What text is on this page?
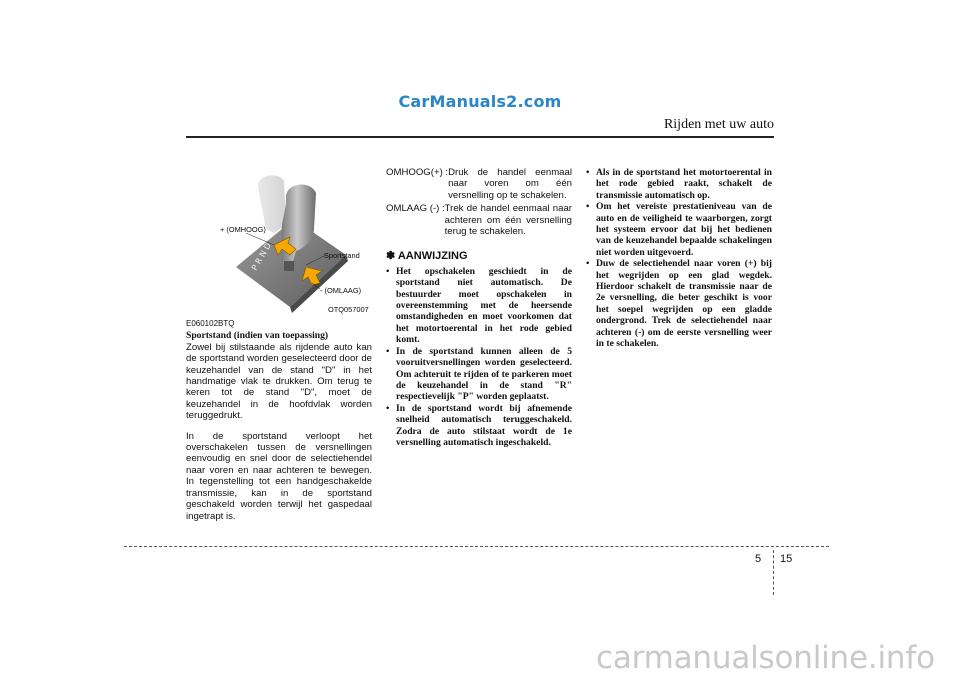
CarManuals2.com
Rijden met uw auto
P R N D
+ (OMHOOG)
Sportstand
- (OMLAAG)
OTQ057007
E060102BTQ
Sportstand (indien van toepassing)

Zowel bij stilstaande als rijdende auto kan de sportstand worden geselecteerd door de keuzehandel van de stand "D" in het handmatige vlak te drukken. Om terug te keren tot de stand "D", moet de keuzehandel in de hoofdvlak worden teruggedrukt.

In de sportstand verloopt het overschakelen tussen de versnellingen eenvoudig en snel door de selectiehendel naar voren en naar achteren te bewegen. In tegenstelling tot een handgeschakelde transmissie, kan in de sportstand geschakeld worden terwijl het gaspedaal ingetrapt is.

OMHOOG(+) : Druk de handel eenmaal naar voren om één versnelling op te schakelen.
OMLAAG (-) : Trek de handel eenmaal naar achteren om één versnelling terug te schakelen.
✽ AANWIJZING
• Het opschakelen geschiedt in de sportstand niet automatisch. De bestuurder moet opschakelen in overeenstemming met de heersende omstandigheden en moet voorkomen dat het motortoerental in het rode gebied komt.
• In de sportstand kunnen alleen de 5 vooruitversnellingen worden geselecteerd. Om achteruit te rijden of te parkeren moet de keuzehandel in de stand "R" respectievelijk "P" worden geplaatst.
• In de sportstand wordt bij afnemende snelheid automatisch teruggeschakeld. Zodra de auto stilstaat wordt de 1e versnelling automatisch ingeschakeld.
• Als in de sportstand het motortoerental in het rode gebied raakt, schakelt de transmissie automatisch op.
• Om het vereiste prestatieniveau van de auto en de veiligheid te waarborgen, zorgt het systeem ervoor dat bij het bedienen van de keuzehandel bepaalde schakelingen niet worden uitgevoerd.
• Duw de selectiehendel naar voren (+) bij het wegrijden op een glad wegdek. Hierdoor schakelt de transmissie naar de 2e versnelling, die beter geschikt is voor het soepel wegrijden op een gladde ondergrond. Trek de selectiehendel naar achteren (-) om de eerste versnelling weer in te schakelen.
5 15
carmanualsonline.info
